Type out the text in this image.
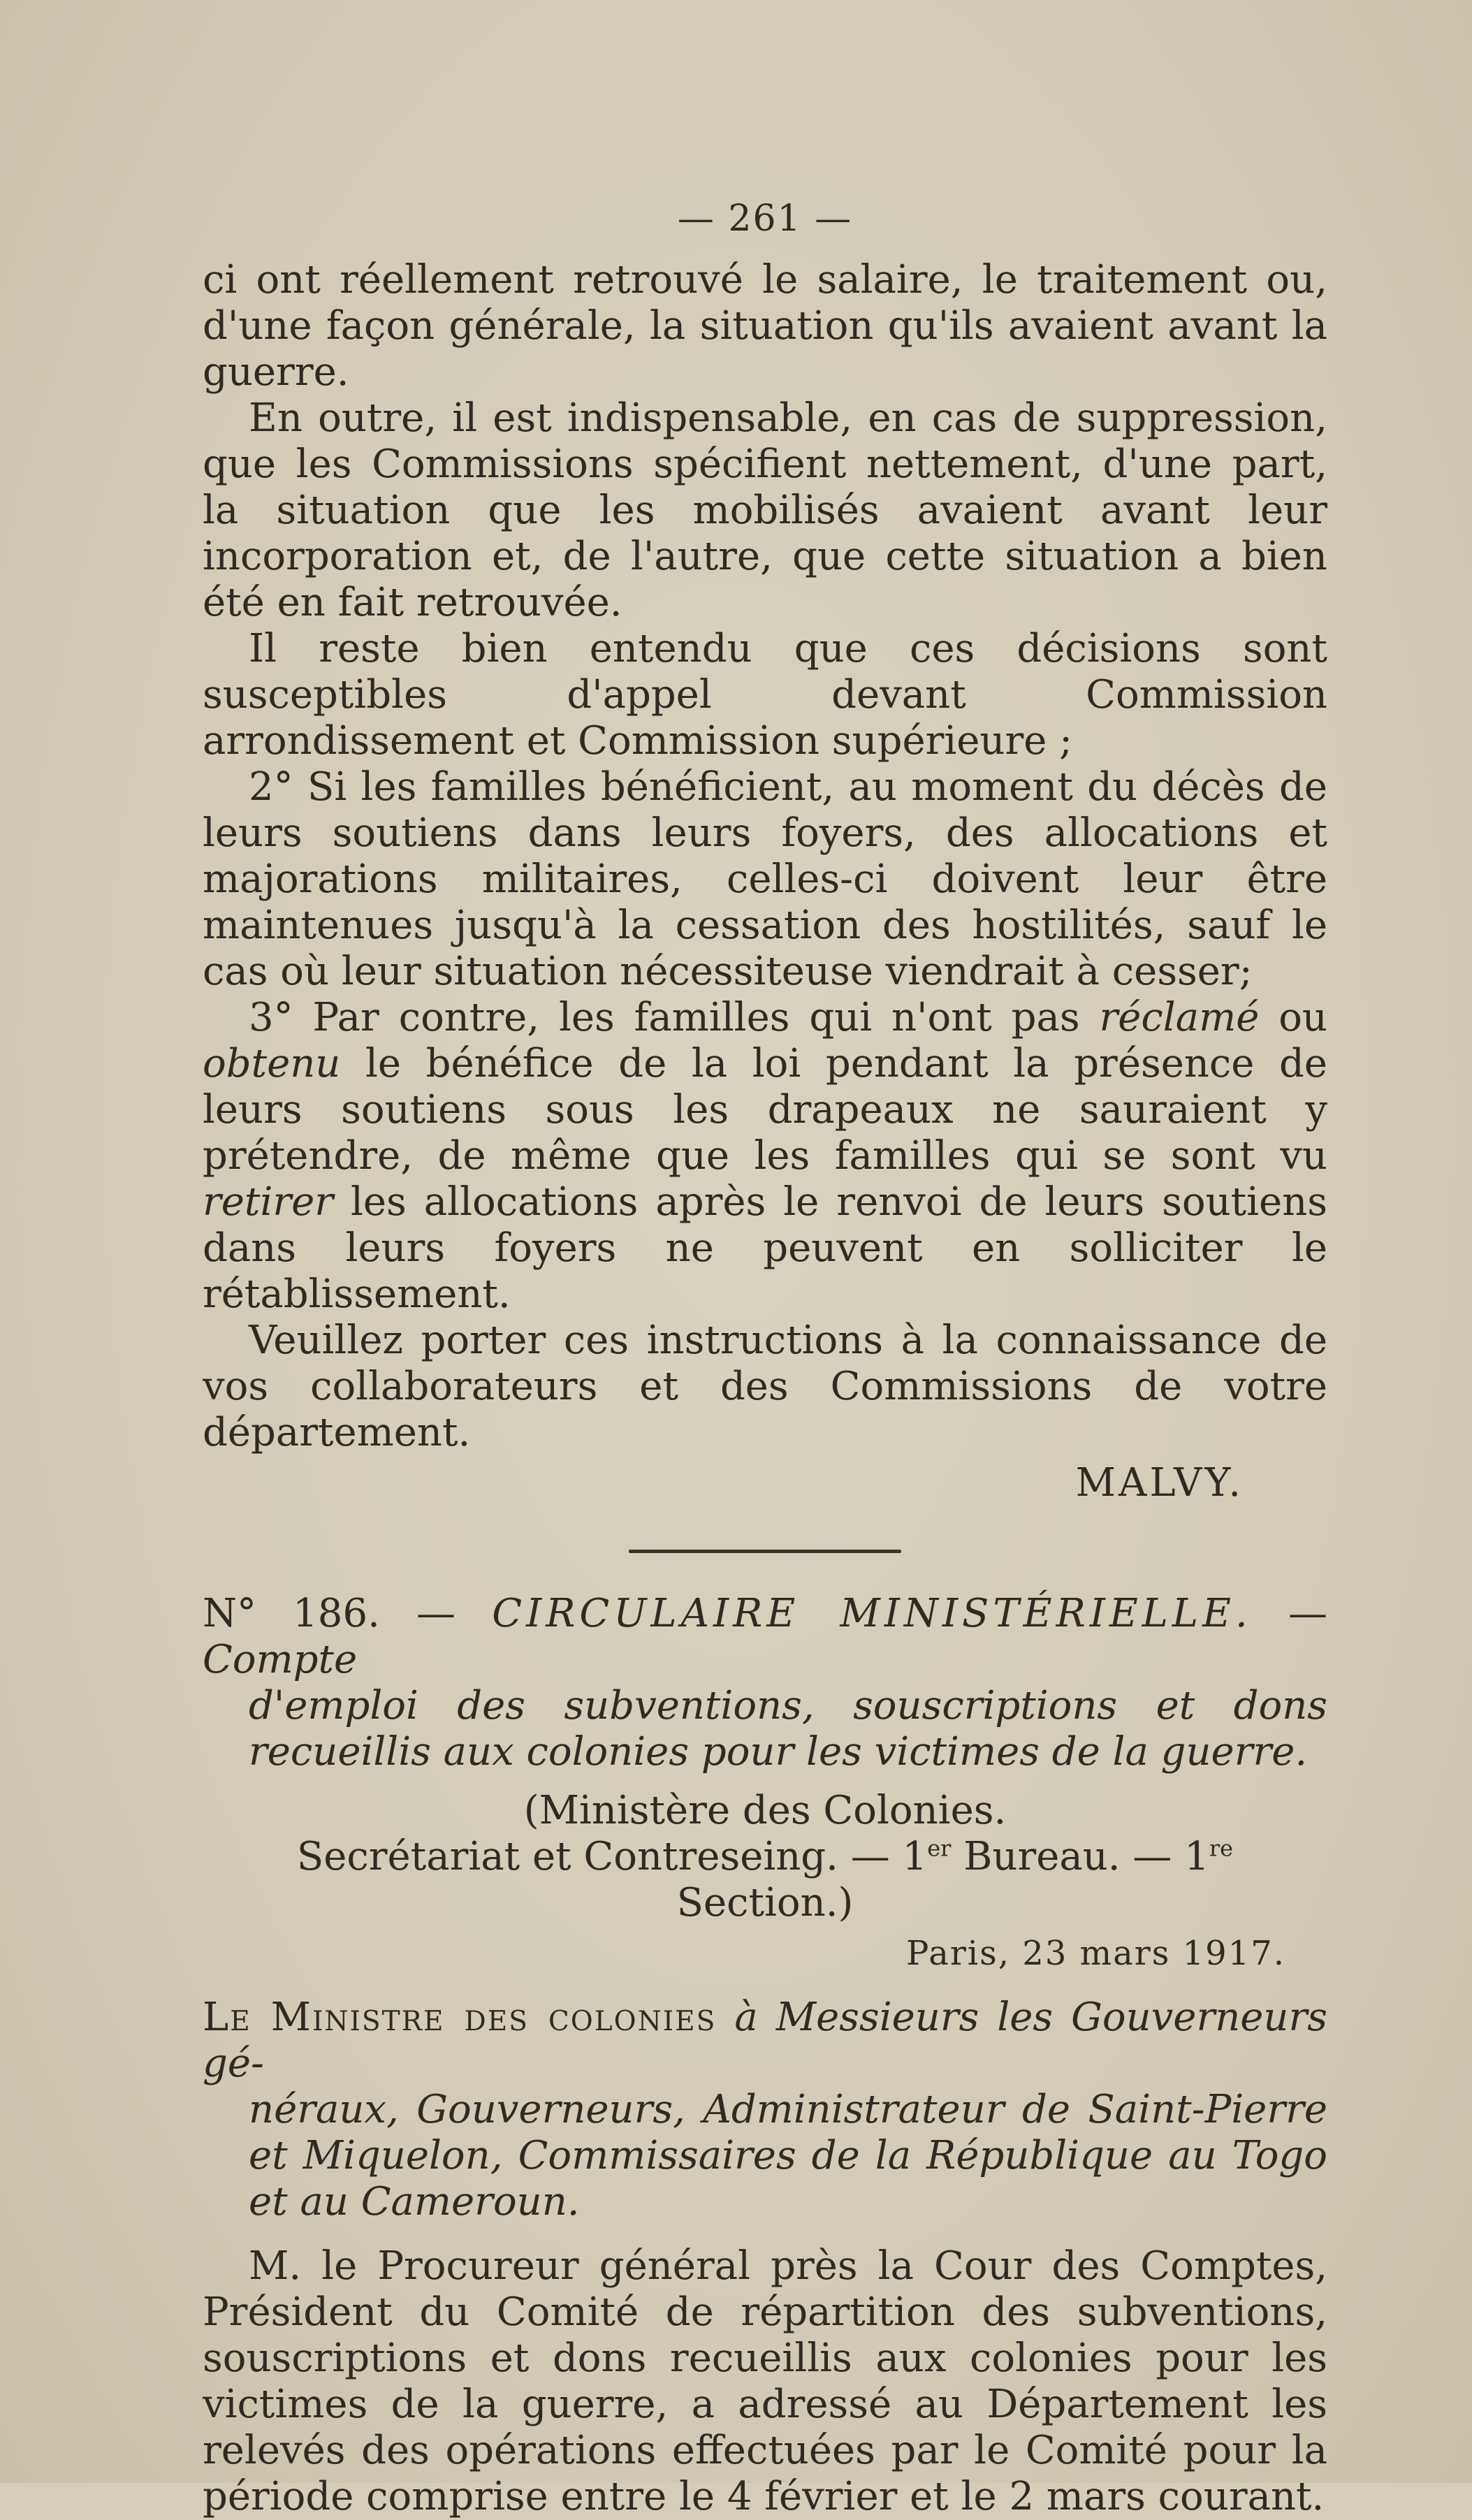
— 261 —

ci ont réellement retrouvé le salaire, le traitement ou, d'une façon générale, la situation qu'ils avaient avant la guerre.

En outre, il est indispensable, en cas de suppression, que les Commissions spécifient nettement, d'une part, la situation que les mobilisés avaient avant leur incorporation et, de l'autre, que cette situation a bien été en fait retrouvée.

Il reste bien entendu que ces décisions sont susceptibles d'appel devant Commission arrondissement et Commission supérieure ;

2° Si les familles bénéficient, au moment du décès de leurs soutiens dans leurs foyers, des allocations et majorations militaires, celles-ci doivent leur être maintenues jusqu'à la cessation des hostilités, sauf le cas où leur situation nécessiteuse viendrait à cesser;

3° Par contre, les familles qui n'ont pas réclamé ou obtenu le bénéfice de la loi pendant la présence de leurs soutiens sous les drapeaux ne sauraient y prétendre, de même que les familles qui se sont vu retirer les allocations après le renvoi de leurs soutiens dans leurs foyers ne peuvent en solliciter le rétablissement.

Veuillez porter ces instructions à la connaissance de vos collaborateurs et des Commissions de votre département.

MALVY.

N° 186. — CIRCULAIRE MINISTÉRIELLE. — Compte

d'emploi des subventions, souscriptions et dons recueillis aux colonies pour les victimes de la guerre.
(Ministère des Colonies.
Secrétariat et Contreseing. — 1er Bureau. — 1re Section.)
Paris, 23 mars 1917.

Le Ministre des colonies à Messieurs les Gouverneurs gé-

néraux, Gouverneurs, Administrateur de Saint-Pierre et Miquelon, Commissaires de la République au Togo et au Cameroun.

M. le Procureur général près la Cour des Comptes, Président du Comité de répartition des subventions, souscriptions et dons recueillis aux colonies pour les victimes de la guerre, a adressé au Département les relevés des opérations effectuées par le Comité pour la période comprise entre le 4 février et le 2 mars courant.
